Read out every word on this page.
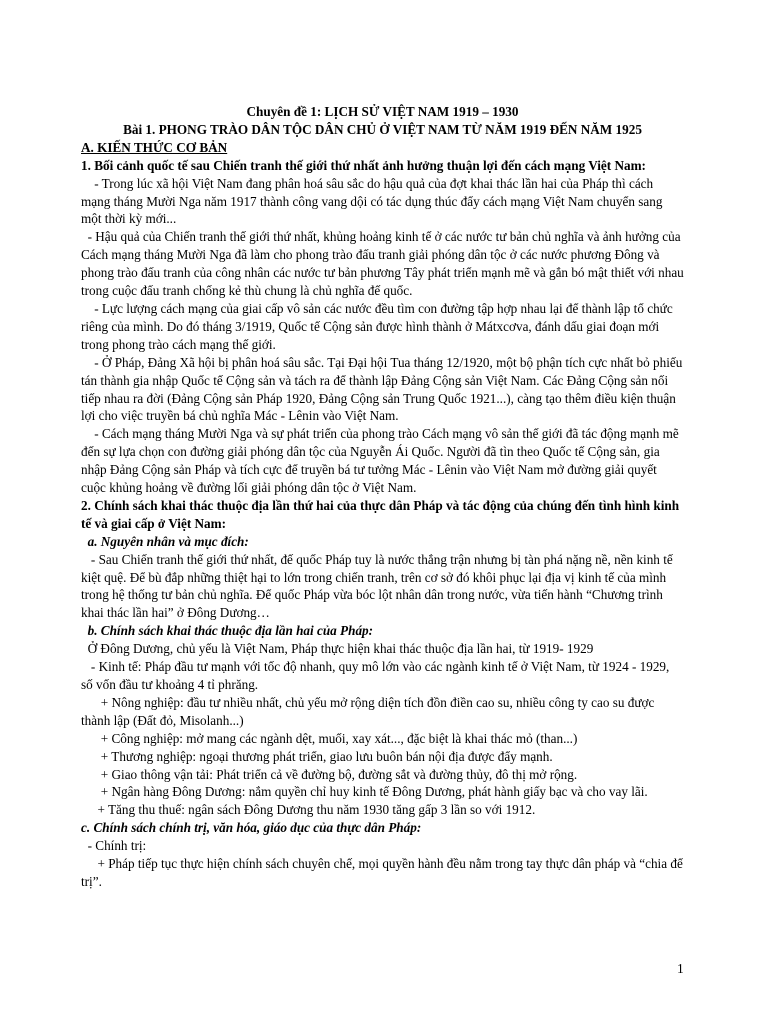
Chuyên đề 1: LỊCH SỬ VIỆT NAM 1919 – 1930

Bài 1. PHONG TRÀO DÂN TỘC DÂN CHỦ Ở VIỆT NAM TỪ NĂM 1919 ĐẾN NĂM 1925

A. KIẾN THỨC CƠ BẢN

1. Bối cảnh quốc tế sau Chiến tranh thế giới thứ nhất ảnh hưởng thuận lợi đến cách mạng Việt Nam:

- Trong lúc xã hội Việt Nam đang phân hoá sâu sắc do hậu quả của đợt khai thác lần hai của Pháp thì cách mạng tháng Mười Nga năm 1917 thành công vang dội có tác dụng thúc đẩy cách mạng Việt Nam chuyển sang một thời kỳ mới...

- Hậu quả của Chiến tranh thế giới thứ nhất, khủng hoảng kinh tế ở các nước tư bản chủ nghĩa và ảnh hưởng của Cách mạng tháng Mười Nga đã làm cho phong trào đấu tranh giải phóng dân tộc ở các nước phương Đông và phong trào đấu tranh của công nhân các nước tư bản phương Tây phát triển mạnh mẽ và gắn bó mật thiết với nhau trong cuộc đấu tranh chống kẻ thù chung là chủ nghĩa đế quốc.

- Lực lượng cách mạng của giai cấp vô sản các nước đều tìm con đường tập hợp nhau lại để thành lập tổ chức riêng của mình. Do đó tháng 3/1919, Quốc tế Cộng sản được hình thành ở Mátxcơva, đánh dấu giai đoạn mới trong phong trào cách mạng thế giới.

- Ở Pháp, Đảng Xã hội bị phân hoá sâu sắc. Tại Đại hội Tua tháng 12/1920, một bộ phận tích cực nhất bỏ phiếu tán thành gia nhập Quốc tế Cộng sản và tách ra để thành lập Đảng Cộng sản Việt Nam. Các Đảng Cộng sản nối tiếp nhau ra đời (Đảng Cộng sản Pháp 1920, Đảng Cộng sản Trung Quốc 1921...), càng tạo thêm điều kiện thuận lợi cho việc truyền bá chủ nghĩa Mác - Lênin vào Việt Nam.

- Cách mạng tháng Mười Nga và sự phát triển của phong trào Cách mạng vô sản thế giới đã tác động mạnh mẽ đến sự lựa chọn con đường giải phóng dân tộc của Nguyễn Ái Quốc. Người đã tìn theo Quốc tế Cộng sản, gia nhập Đảng Cộng sản Pháp và tích cực để truyền bá tư tưởng Mác - Lênin vào Việt Nam mở đường giải quyết cuộc khủng hoảng về đường lối giải phóng dân tộc ở Việt Nam.

2. Chính sách khai thác thuộc địa lần thứ hai của thực dân Pháp và tác động của chúng đến tình hình kinh tế và giai cấp ở Việt Nam:

a. Nguyên nhân và mục đích:

- Sau Chiến tranh thế giới thứ nhất, đế quốc Pháp tuy là nước thắng trận nhưng bị tàn phá nặng nề, nền kinh tế kiệt quệ. Để bù đắp những thiệt hại to lớn trong chiến tranh, trên cơ sở đó khôi phục lại địa vị kinh tế của mình trong hệ thống tư bản chủ nghĩa. Để quốc Pháp vừa bóc lột nhân dân trong nước, vừa tiến hành “Chương trình khai thác lần hai” ở Đông Dương…

b. Chính sách khai thác thuộc địa lần hai của Pháp:

Ở Đông Dương, chủ yếu là Việt Nam, Pháp thực hiện khai thác thuộc địa lần hai, từ 1919- 1929

- Kinh tế: Pháp đầu tư mạnh với tốc độ nhanh, quy mô lớn vào các ngành kinh tế ở Việt Nam, từ 1924 - 1929, số vốn đầu tư khoảng 4 tỉ phrăng.

+ Nông nghiệp: đầu tư nhiều nhất, chủ yếu mở rộng diện tích đồn điền cao su, nhiều công ty cao su được thành lập (Đất đỏ, Misolanh...)

+ Công nghiệp: mở mang các ngành dệt, muối, xay xát..., đặc biệt là khai thác mỏ (than...)

+ Thương nghiệp: ngoại thương phát triển, giao lưu buôn bán nội địa được đẩy mạnh.

+ Giao thông vận tải: Phát triển cả về đường bộ, đường sắt và đường thủy, đô thị mở rộng.

+ Ngân hàng Đông Dương: nắm quyền chỉ huy kinh tế Đông Dương, phát hành giấy bạc và cho vay lãi.

+ Tăng thu thuế: ngân sách Đông Dương thu năm 1930 tăng gấp 3 lần so với 1912.

c. Chính sách chính trị, văn hóa, giáo dục của thực dân Pháp:

- Chính trị:

+ Pháp tiếp tục thực hiện chính sách chuyên chế, mọi quyền hành đều nằm trong tay thực dân pháp và “chia để trị”.

1
